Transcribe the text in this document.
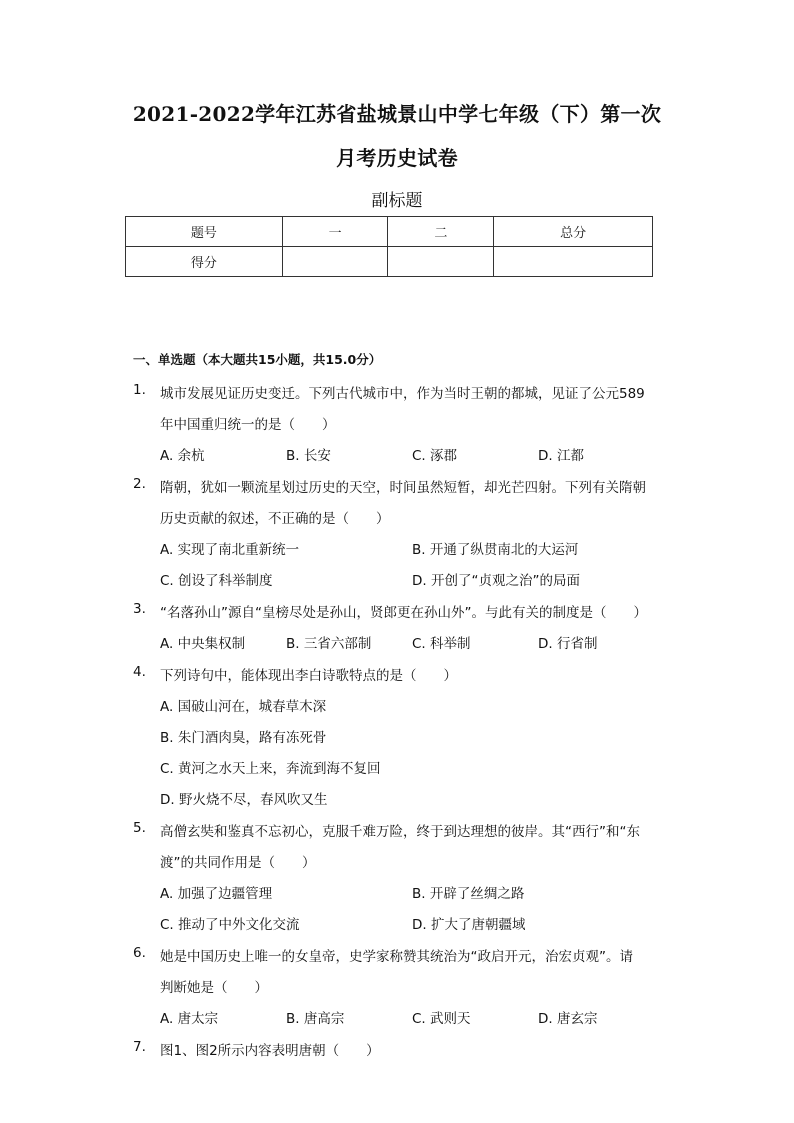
2021-2022学年江苏省盐城景山中学七年级（下）第一次
月考历史试卷
副标题
题号	一	二	总分
得分			
一、单选题（本大题共15小题，共15.0分）
1. 城市发展见证历史变迁。下列古代城市中，作为当时王朝的都城，见证了公元589
年中国重归统一的是（　　）
A. 余杭	B. 长安	C. 涿郡	D. 江都
2. 隋朝，犹如一颗流星划过历史的天空，时间虽然短暂，却光芒四射。下列有关隋朝
历史贡献的叙述，不正确的是（　　）
A. 实现了南北重新统一	B. 开通了纵贯南北的大运河
C. 创设了科举制度	D. 开创了“贞观之治”的局面
3. “名落孙山”源自“皇榜尽处是孙山，贤郎更在孙山外”。与此有关的制度是（　　）
A. 中央集权制	B. 三省六部制	C. 科举制	D. 行省制
4. 下列诗句中，能体现出李白诗歌特点的是（　　）
A. 国破山河在，城春草木深
B. 朱门酒肉臭，路有冻死骨
C. 黄河之水天上来，奔流到海不复回
D. 野火烧不尽，春风吹又生
5. 高僧玄奘和鉴真不忘初心，克服千难万险，终于到达理想的彼岸。其“西行”和“东
渡”的共同作用是（　　）
A. 加强了边疆管理	B. 开辟了丝绸之路
C. 推动了中外文化交流	D. 扩大了唐朝疆域
6. 她是中国历史上唯一的女皇帝，史学家称赞其统治为“政启开元，治宏贞观”。请
判断她是（　　）
A. 唐太宗	B. 唐高宗	C. 武则天	D. 唐玄宗
7. 图1、图2所示内容表明唐朝（　　）
